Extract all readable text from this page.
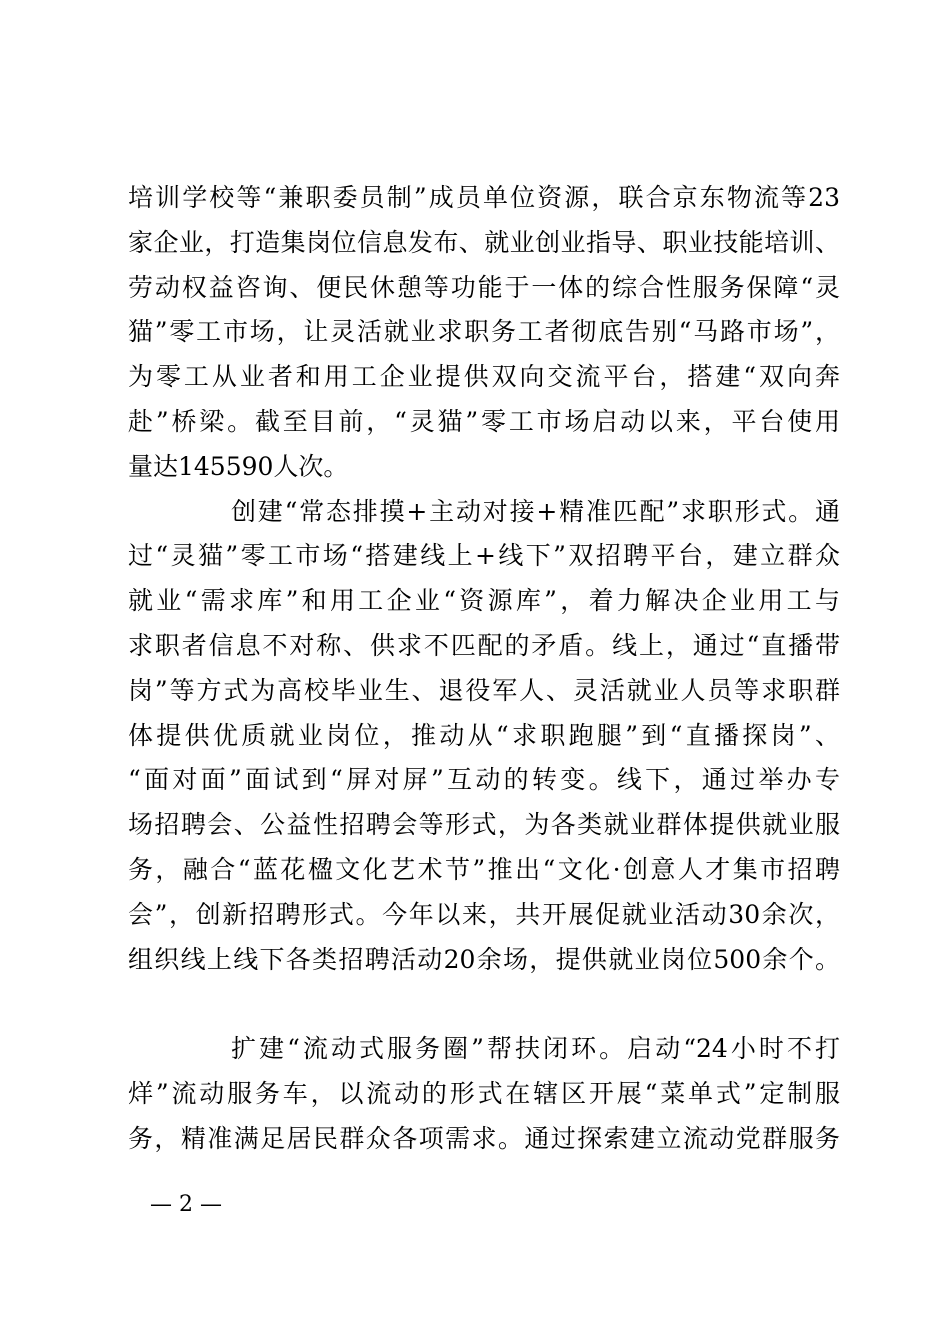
培训学校等“兼职委员制”成员单位资源，联合京东物流等23
家企业，打造集岗位信息发布、就业创业指导、职业技能培训、
劳动权益咨询、便民休憩等功能于一体的综合性服务保障“灵
猫”零工市场，让灵活就业求职务工者彻底告别“马路市场”，
为零工从业者和用工企业提供双向交流平台，搭建“双向奔
赴”桥梁。截至目前，“灵猫”零工市场启动以来，平台使用
量达145590人次。
创建“常态排摸+主动对接+精准匹配”求职形式。通
过“灵猫”零工市场“搭建线上+线下”双招聘平台，建立群众
就业“需求库”和用工企业“资源库”，着力解决企业用工与
求职者信息不对称、供求不匹配的矛盾。线上，通过“直播带
岗”等方式为高校毕业生、退役军人、灵活就业人员等求职群
体提供优质就业岗位，推动从“求职跑腿”到“直播探岗”、
“面对面”面试到“屏对屏”互动的转变。线下，通过举办专
场招聘会、公益性招聘会等形式，为各类就业群体提供就业服
务，融合“蓝花楹文化艺术节”推出“文化·创意人才集市招聘
会”，创新招聘形式。今年以来，共开展促就业活动30余次，
组织线上线下各类招聘活动20余场，提供就业岗位500余个。
扩建“流动式服务圈”帮扶闭环。启动“24小时不打
烊”流动服务车，以流动的形式在辖区开展“菜单式”定制服
务，精准满足居民群众各项需求。通过探索建立流动党群服务
— 2 —
